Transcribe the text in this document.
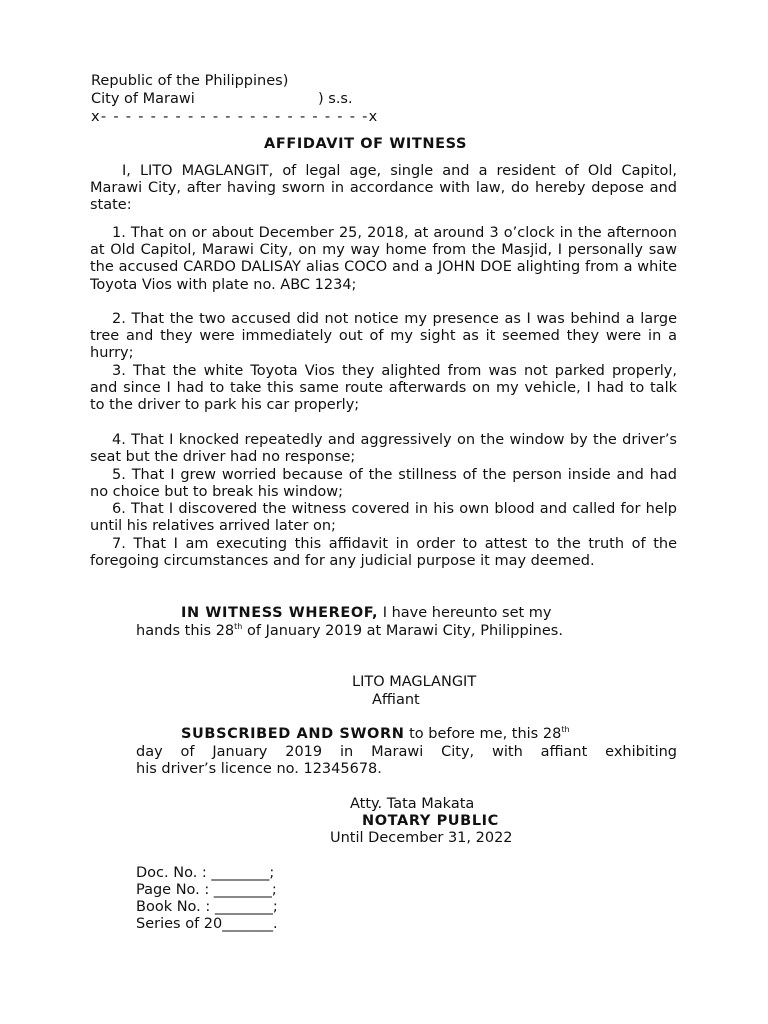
Republic of the Philippines)
City of Marawi	) s.s.
x- - - - - - - - - - - - - - - - - - - - - -x
AFFIDAVIT OF WITNESS
I, LITO MAGLANGIT, of legal age, single and a resident of Old Capitol, Marawi City, after having sworn in accordance with law, do hereby depose and state:
1. That on or about December 25, 2018, at around 3 o’clock in the afternoon at Old Capitol, Marawi City, on my way home from the Masjid, I personally saw the accused CARDO DALISAY alias COCO and a JOHN DOE alighting from a white Toyota Vios with plate no. ABC 1234;
2. That the two accused did not notice my presence as I was behind a large tree and they were immediately out of my sight as it seemed they were in a hurry;
3. That the white Toyota Vios they alighted from was not parked properly, and since I had to take this same route afterwards on my vehicle, I had to talk to the driver to park his car properly;
4. That I knocked repeatedly and aggressively on the window by the driver’s seat but the driver had no response;
5. That I grew worried because of the stillness of the person inside and had no choice but to break his window;
6. That I discovered the witness covered in his own blood and called for help until his relatives arrived later on;
7. That I am executing this affidavit in order to attest to the truth of the foregoing circumstances and for any judicial purpose it may deemed.
IN WITNESS WHEREOF, I have hereunto set my
hands this 28th of January 2019 at Marawi City, Philippines.
LITO MAGLANGIT
Affiant
SUBSCRIBED AND SWORN to before me, this 28th
day of January 2019 in Marawi City, with affiant exhibiting
his driver’s licence no. 12345678.
Atty. Tata Makata
NOTARY PUBLIC
Until December 31, 2022
Doc. No. : ________;
Page No. : ________;
Book No. : ________;
Series of 20_______.
